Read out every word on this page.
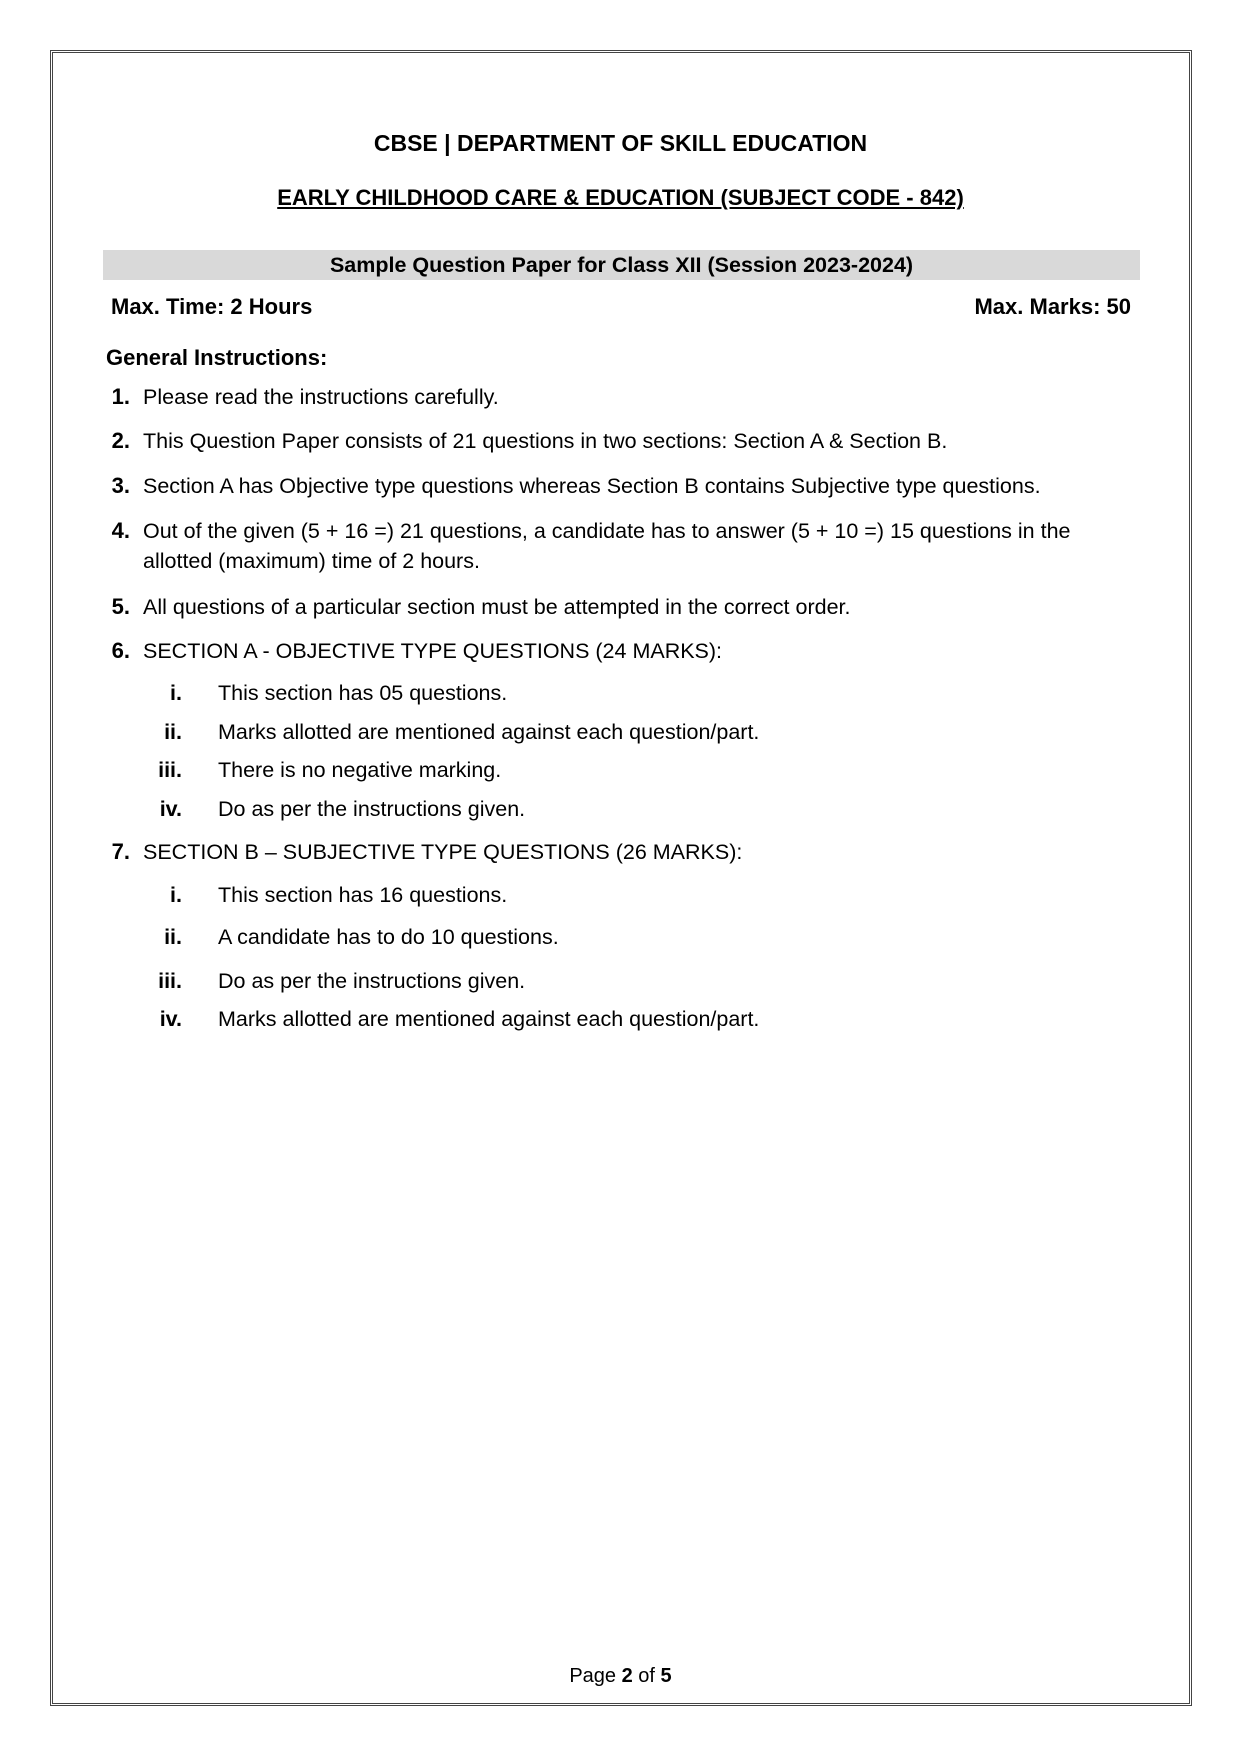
CBSE | DEPARTMENT OF SKILL EDUCATION
EARLY CHILDHOOD CARE & EDUCATION (SUBJECT CODE - 842)
Sample Question Paper for Class XII (Session 2023-2024)
Max. Time: 2 Hours	Max. Marks: 50
General Instructions:
1. Please read the instructions carefully.
2. This Question Paper consists of 21 questions in two sections: Section A & Section B.
3. Section A has Objective type questions whereas Section B contains Subjective type questions.
4. Out of the given (5 + 16 =) 21 questions, a candidate has to answer (5 + 10 =) 15 questions in the allotted (maximum) time of 2 hours.
5. All questions of a particular section must be attempted in the correct order.
6. SECTION A - OBJECTIVE TYPE QUESTIONS (24 MARKS):
i. This section has 05 questions.
ii. Marks allotted are mentioned against each question/part.
iii. There is no negative marking.
iv. Do as per the instructions given.
7. SECTION B – SUBJECTIVE TYPE QUESTIONS (26 MARKS):
i. This section has 16 questions.
ii. A candidate has to do 10 questions.
iii. Do as per the instructions given.
iv. Marks allotted are mentioned against each question/part.
Page 2 of 5
